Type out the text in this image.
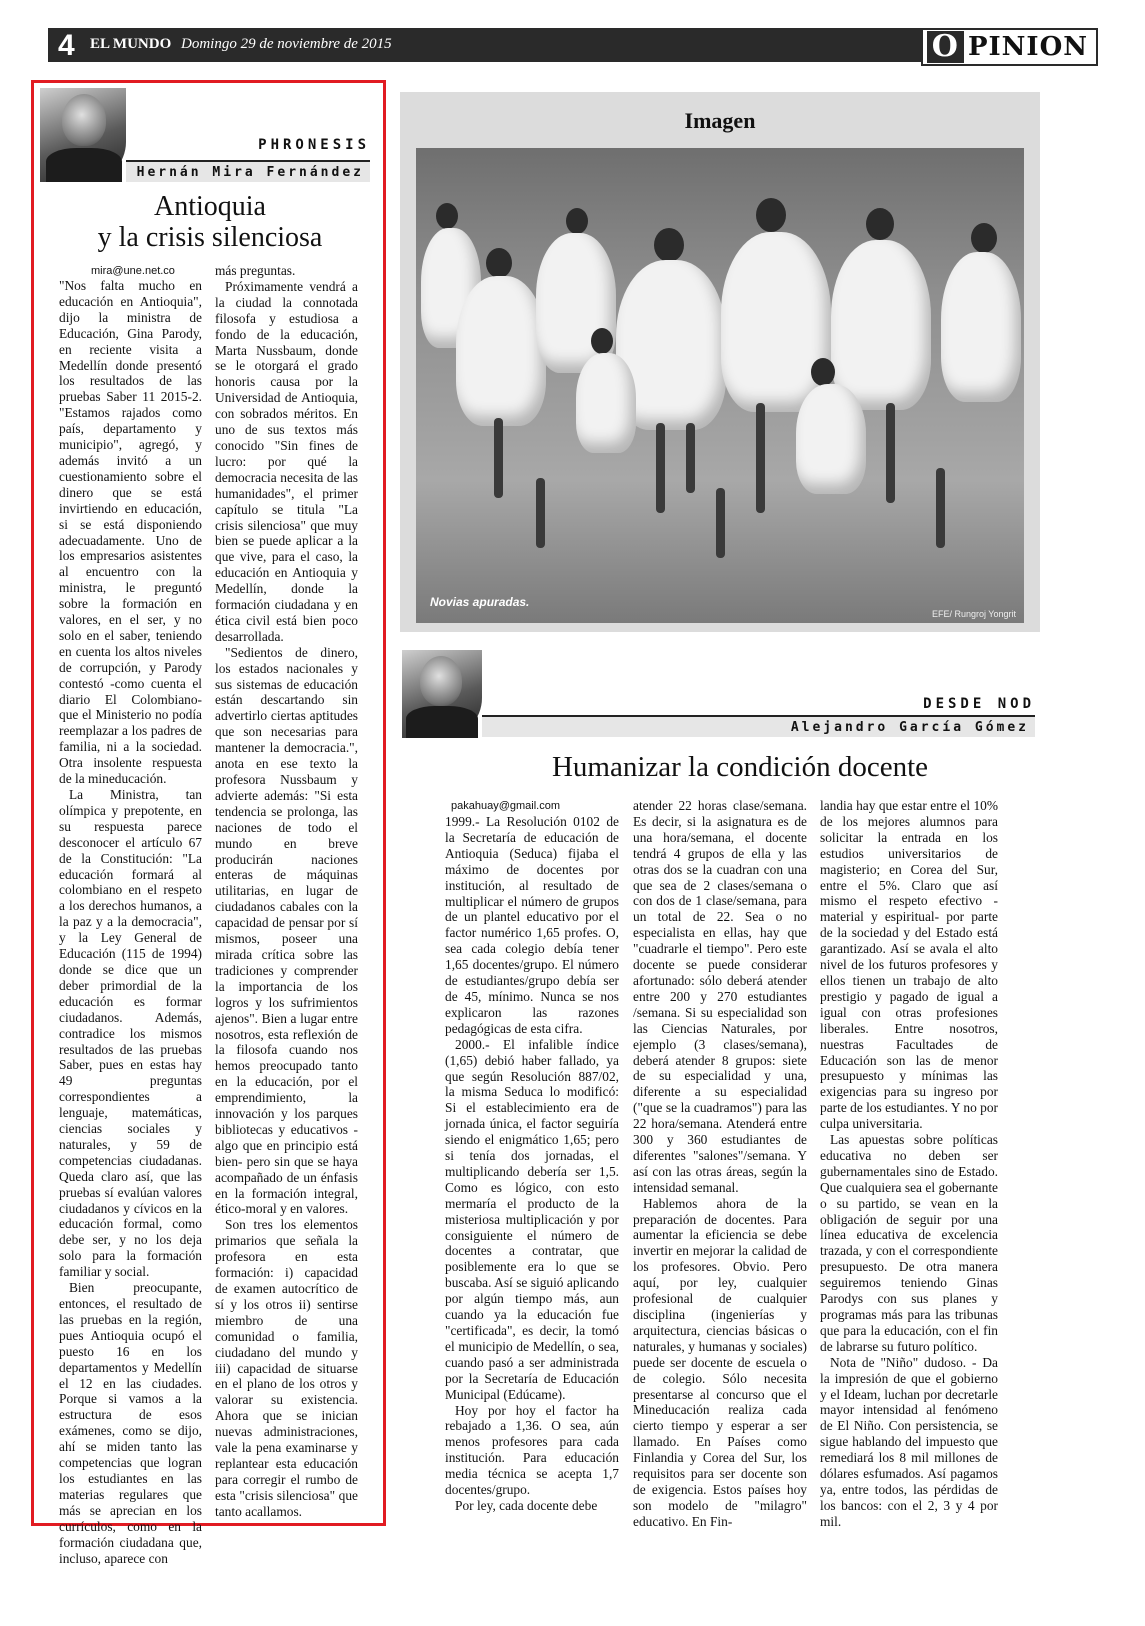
4 EL MUNDO Domingo 29 de noviembre de 2015	O PINION
PHRONESIS
Hernán Mira Fernández
Antioquia
y la crisis silenciosa
mira@une.net.co

"Nos falta mucho en educación en Antioquia", dijo la ministra de Educación, Gina Parody, en reciente visita a Medellín donde presentó los resultados de las pruebas Saber 11 2015-2. "Estamos rajados como país, departamento y municipio", agregó, y además invitó a un cuestionamiento sobre el dinero que se está invirtiendo en educación, si se está disponiendo adecuadamente. Uno de los empresarios asistentes al encuentro con la ministra, le preguntó sobre la formación en valores, en el ser, y no solo en el saber, teniendo en cuenta los altos niveles de corrupción, y Parody contestó -como cuenta el diario El Colombiano- que el Ministerio no podía reemplazar a los padres de familia, ni a la sociedad. Otra insolente respuesta de la mineducación.

La Ministra, tan olímpica y prepotente, en su respuesta parece desconocer el artículo 67 de la Constitución: "La educación formará al colombiano en el respeto a los derechos humanos, a la paz y a la democracia", y la Ley General de Educación (115 de 1994) donde se dice que un deber primordial de la educación es formar ciudadanos. Además, contradice los mismos resultados de las pruebas Saber, pues en estas hay 49 preguntas correspondientes a lenguaje, matemáticas, ciencias sociales y naturales, y 59 de competencias ciudadanas. Queda claro así, que las pruebas sí evalúan valores ciudadanos y cívicos en la educación formal, como debe ser, y no los deja solo para la formación familiar y social.

Bien preocupante, entonces, el resultado de las pruebas en la región, pues Antioquia ocupó el puesto 16 en los departamentos y Medellín el 12 en las ciudades. Porque si vamos a la estructura de esos exámenes, como se dijo, ahí se miden tanto las competencias que logran los estudiantes en las materias regulares que más se aprecian en los currículos, como en la formación ciudadana que, incluso, aparece con

más preguntas.

Próximamente vendrá a la ciudad la connotada filosofa y estudiosa a fondo de la educación, Marta Nussbaum, donde se le otorgará el grado honoris causa por la Universidad de Antioquia, con sobrados méritos. En uno de sus textos más conocido "Sin fines de lucro: por qué la democracia necesita de las humanidades", el primer capítulo se titula "La crisis silenciosa" que muy bien se puede aplicar a la que vive, para el caso, la educación en Antioquia y Medellín, donde la formación ciudadana y en ética civil está bien poco desarrollada.

"Sedientos de dinero, los estados nacionales y sus sistemas de educación están descartando sin advertirlo ciertas aptitudes que son necesarias para mantener la democracia.", anota en ese texto la profesora Nussbaum y advierte además: "Si esta tendencia se prolonga, las naciones de todo el mundo en breve producirán naciones enteras de máquinas utilitarias, en lugar de ciudadanos cabales con la capacidad de pensar por sí mismos, poseer una mirada crítica sobre las tradiciones y comprender la importancia de los logros y los sufrimientos ajenos". Bien a lugar entre nosotros, esta reflexión de la filosofa cuando nos hemos preocupado tanto en la educación, por el emprendimiento, la innovación y los parques bibliotecas y educativos -algo que en principio está bien- pero sin que se haya acompañado de un énfasis en la formación integral, ético-moral y en valores.

Son tres los elementos primarios que señala la profesora en esta formación: i) capacidad de examen autocrítico de sí y los otros ii) sentirse miembro de una comunidad o familia, ciudadano del mundo y iii) capacidad de situarse en el plano de los otros y valorar su existencia. Ahora que se inician nuevas administraciones, vale la pena examinarse y replantear esta educación para corregir el rumbo de esta "crisis silenciosa" que tanto acallamos.

Imagen
Novias apuradas.
EFE/ Rungroj Yongrit
DESDE NOD
Alejandro García Gómez
Humanizar la condición docente
pakahuay@gmail.com

1999.- La Resolución 0102 de la Secretaría de educación de Antioquia (Seduca) fijaba el máximo de docentes por institución, al resultado de multiplicar el número de grupos de un plantel educativo por el factor numérico 1,65 profes. O, sea cada colegio debía tener 1,65 docentes/grupo. El número de estudiantes/grupo debía ser de 45, mínimo. Nunca se nos explicaron las razones pedagógicas de esta cifra.

2000.- El infalible índice (1,65) debió haber fallado, ya que según Resolución 887/02, la misma Seduca lo modificó: Si el establecimiento era de jornada única, el factor seguiría siendo el enigmático 1,65; pero si tenía dos jornadas, el multiplicando debería ser 1,5. Como es lógico, con esto mermaría el producto de la misteriosa multiplicación y por consiguiente el número de docentes a contratar, que posiblemente era lo que se buscaba. Así se siguió aplicando por algún tiempo más, aun cuando ya la educación fue "certificada", es decir, la tomó el municipio de Medellín, o sea, cuando pasó a ser administrada por la Secretaría de Educación Municipal (Edúcame).

Hoy por hoy el factor ha rebajado a 1,36. O sea, aún menos profesores para cada institución. Para educación media técnica se acepta 1,7 docentes/grupo.

Por ley, cada docente debe

atender 22 horas clase/semana. Es decir, si la asignatura es de una hora/semana, el docente tendrá 4 grupos de ella y las otras dos se la cuadran con una que sea de 2 clases/semana o con dos de 1 clase/semana, para un total de 22. Sea o no especialista en ellas, hay que "cuadrarle el tiempo". Pero este docente se puede considerar afortunado: sólo deberá atender entre 200 y 270 estudiantes /semana. Si su especialidad son las Ciencias Naturales, por ejemplo (3 clases/semana), deberá atender 8 grupos: siete de su especialidad y una, diferente a su especialidad ("que se la cuadramos") para las 22 hora/semana. Atenderá entre 300 y 360 estudiantes de diferentes "salones"/semana. Y así con las otras áreas, según la intensidad semanal.

Hablemos ahora de la preparación de docentes. Para aumentar la eficiencia se debe invertir en mejorar la calidad de los profesores. Obvio. Pero aquí, por ley, cualquier profesional de cualquier disciplina (ingenierías y arquitectura, ciencias básicas o naturales, y humanas y sociales) puede ser docente de escuela o de colegio. Sólo necesita presentarse al concurso que el Mineducación realiza cada cierto tiempo y esperar a ser llamado. En Países como Finlandia y Corea del Sur, los requisitos para ser docente son de exigencia. Estos países hoy son modelo de "milagro" educativo. En Fin-

landia hay que estar entre el 10% de los mejores alumnos para solicitar la entrada en los estudios universitarios de magisterio; en Corea del Sur, entre el 5%. Claro que así mismo el respeto efectivo -material y espiritual- por parte de la sociedad y del Estado está garantizado. Así se avala el alto nivel de los futuros profesores y ellos tienen un trabajo de alto prestigio y pagado de igual a igual con otras profesiones liberales. Entre nosotros, nuestras Facultades de Educación son las de menor presupuesto y mínimas las exigencias para su ingreso por parte de los estudiantes. Y no por culpa universitaria.

Las apuestas sobre políticas educativa no deben ser gubernamentales sino de Estado. Que cualquiera sea el gobernante o su partido, se vean en la obligación de seguir por una línea educativa de excelencia trazada, y con el correspondiente presupuesto. De otra manera seguiremos teniendo Ginas Parodys con sus planes y programas más para las tribunas que para la educación, con el fin de labrarse su futuro político.

Nota de "Niño" dudoso. - Da la impresión de que el gobierno y el Ideam, luchan por decretarle mayor intensidad al fenómeno de El Niño. Con persistencia, se sigue hablando del impuesto que remediará los 8 mil millones de dólares esfumados. Así pagamos ya, entre todos, las pérdidas de los bancos: con el 2, 3 y 4 por mil.
